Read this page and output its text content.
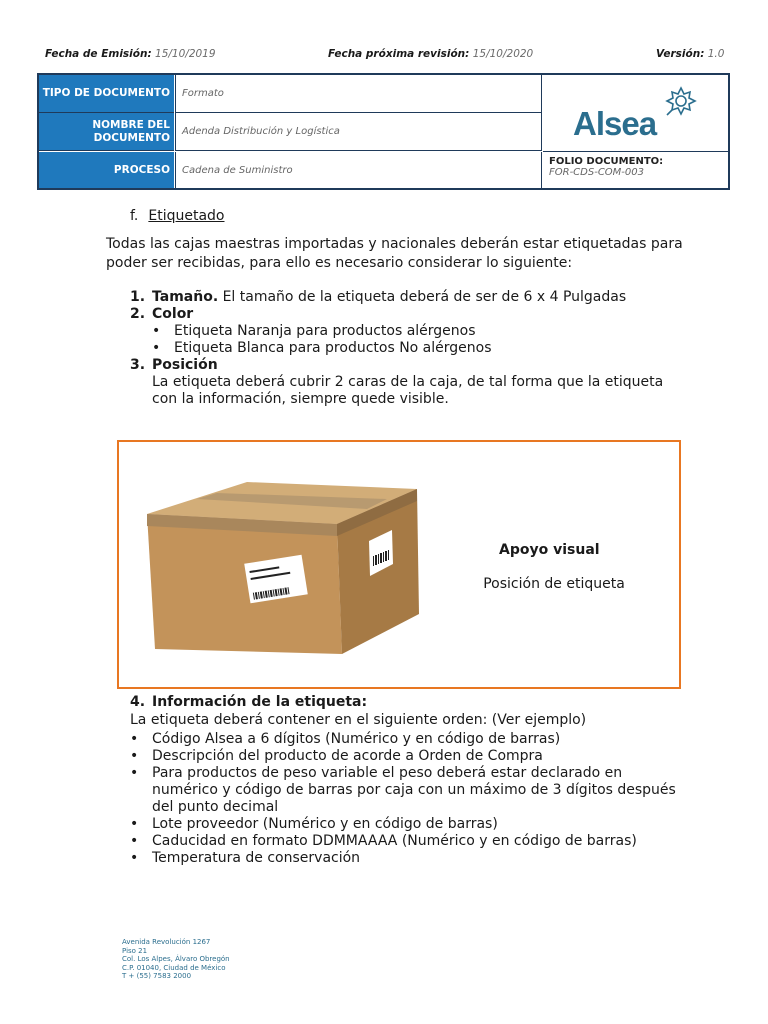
Fecha de Emisión: 15/10/2019	Fecha próxima revisión: 15/10/2020	Versión: 1.0
TIPO DE DOCUMENTO	Formato
NOMBRE DEL DOCUMENTO	Adenda Distribución y Logística
PROCESO	Cadena de Suministro
Alsea
FOLIO DOCUMENTO:
FOR-CDS-COM-003
f. Etiquetado
Todas las cajas maestras importadas y nacionales deberán estar etiquetadas para poder ser recibidas, para ello es necesario considerar lo siguiente:
1. Tamaño. El tamaño de la etiqueta deberá de ser de 6 x 4 Pulgadas
2. Color
• Etiqueta Naranja para productos alérgenos
• Etiqueta Blanca para productos No alérgenos
3. Posición
La etiqueta deberá cubrir 2 caras de la caja, de tal forma que la etiqueta con la información, siempre quede visible.
Apoyo visual
Posición de etiqueta
4. Información de la etiqueta:
La etiqueta deberá contener en el siguiente orden: (Ver ejemplo)
• Código Alsea a 6 dígitos (Numérico y en código de barras)
• Descripción del producto de acorde a Orden de Compra
• Para productos de peso variable el peso deberá estar declarado en numérico y código de barras por caja con un máximo de 3 dígitos después del punto decimal
• Lote proveedor (Numérico y en código de barras)
• Caducidad en formato DDMMAAAA (Numérico y en código de barras)
• Temperatura de conservación
Avenida Revolución 1267
Piso 21
Col. Los Alpes, Álvaro Obregón
C.P. 01040, Ciudad de México
T + (55) 7583 2000
